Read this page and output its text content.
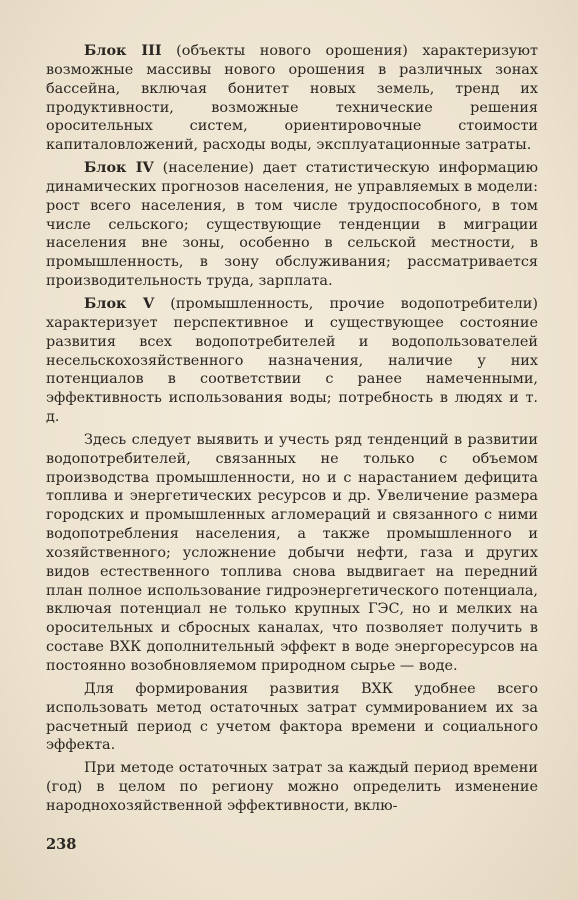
Блок III (объекты нового орошения) характеризуют возможные массивы нового орошения в различных зонах бассейна, включая бонитет новых земель, тренд их продуктивности, возможные технические решения оросительных систем, ориентировочные стоимости капиталовложений, расходы воды, эксплуатационные затраты.

Блок IV (население) дает статистическую информацию динамических прогнозов населения, не управляемых в модели: рост всего населения, в том числе трудоспособного, в том числе сельского; существующие тенденции в миграции населения вне зоны, особенно в сельской местности, в промышленность, в зону обслуживания; рассматривается производительность труда, зарплата.

Блок V (промышленность, прочие водопотребители) характеризует перспективное и существующее состояние развития всех водопотребителей и водопользователей несельскохозяйственного назначения, наличие у них потенциалов в соответствии с ранее намеченными, эффективность использования воды; потребность в людях и т. д.

Здесь следует выявить и учесть ряд тенденций в развитии водопотребителей, связанных не только с объемом производства промышленности, но и с нарастанием дефицита топлива и энергетических ресурсов и др. Увеличение размера городских и промышленных агломераций и связанного с ними водопотребления населения, а также промышленного и хозяйственного; усложнение добычи нефти, газа и других видов естественного топлива снова выдвигает на передний план полное использование гидроэнергетического потенциала, включая потенциал не только крупных ГЭС, но и мелких на оросительных и сбросных каналах, что позволяет получить в составе ВХК дополнительный эффект в воде энергоресурсов на постоянно возобновляемом природном сырье — воде.

Для формирования развития ВХК удобнее всего использовать метод остаточных затрат суммированием их за расчетный период с учетом фактора времени и социального эффекта.

При методе остаточных затрат за каждый период времени (год) в целом по региону можно определить изменение народнохозяйственной эффективности, вклю-

238
